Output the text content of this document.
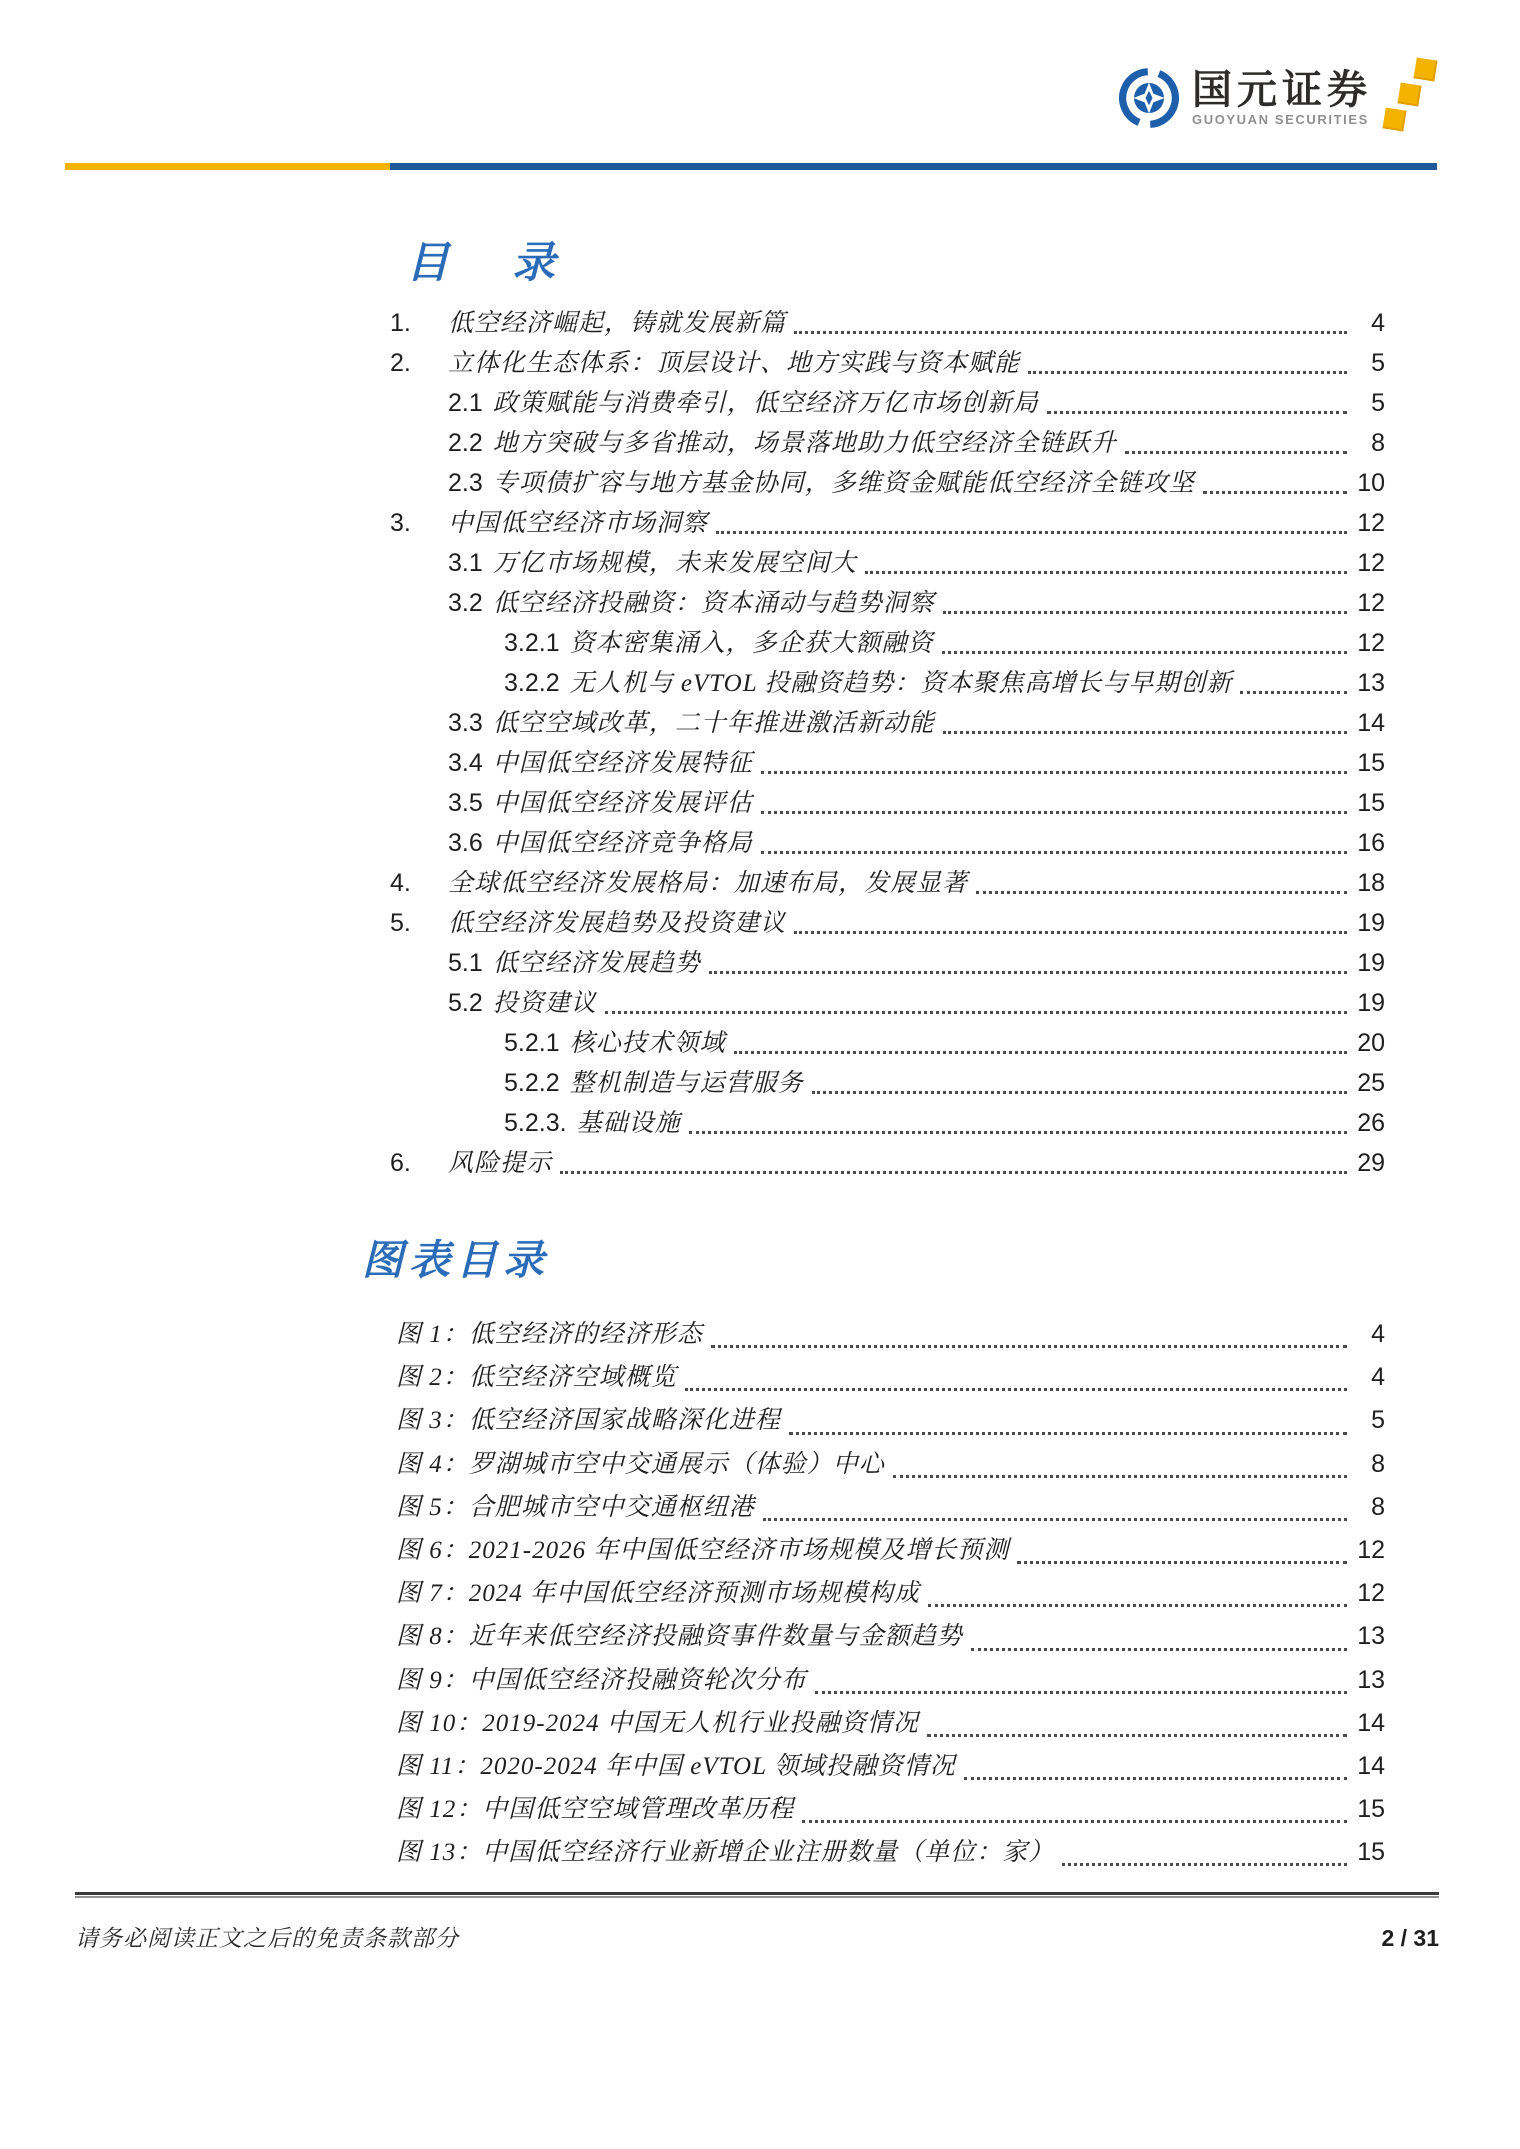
国元证券
GUOYUAN SECURITIES
目　录
1.	低空经济崛起，铸就发展新篇	4
2.	立体化生态体系：顶层设计、地方实践与资本赋能	5
2.1 政策赋能与消费牵引，低空经济万亿市场创新局	5
2.2 地方突破与多省推动，场景落地助力低空经济全链跃升	8
2.3 专项债扩容与地方基金协同，多维资金赋能低空经济全链攻坚	10
3.	中国低空经济市场洞察	12
3.1 万亿市场规模，未来发展空间大	12
3.2 低空经济投融资：资本涌动与趋势洞察	12
3.2.1 资本密集涌入，多企获大额融资	12
3.2.2 无人机与 eVTOL 投融资趋势：资本聚焦高增长与早期创新	13
3.3 低空空域改革，二十年推进激活新动能	14
3.4 中国低空经济发展特征	15
3.5 中国低空经济发展评估	15
3.6 中国低空经济竞争格局	16
4.	全球低空经济发展格局：加速布局，发展显著	18
5.	低空经济发展趋势及投资建议	19
5.1 低空经济发展趋势	19
5.2 投资建议	19
5.2.1 核心技术领域	20
5.2.2 整机制造与运营服务	25
5.2.3. 基础设施	26
6.	风险提示	29
图表目录
图 1：低空经济的经济形态	4
图 2：低空经济空域概览	4
图 3：低空经济国家战略深化进程	5
图 4：罗湖城市空中交通展示（体验）中心	8
图 5：合肥城市空中交通枢纽港	8
图 6：2021-2026 年中国低空经济市场规模及增长预测	12
图 7：2024 年中国低空经济预测市场规模构成	12
图 8：近年来低空经济投融资事件数量与金额趋势	13
图 9：中国低空经济投融资轮次分布	13
图 10：2019-2024 中国无人机行业投融资情况	14
图 11：2020-2024 年中国 eVTOL 领域投融资情况	14
图 12：中国低空空域管理改革历程	15
图 13：中国低空经济行业新增企业注册数量（单位：家）	15
请务必阅读正文之后的免责条款部分	2 / 31
